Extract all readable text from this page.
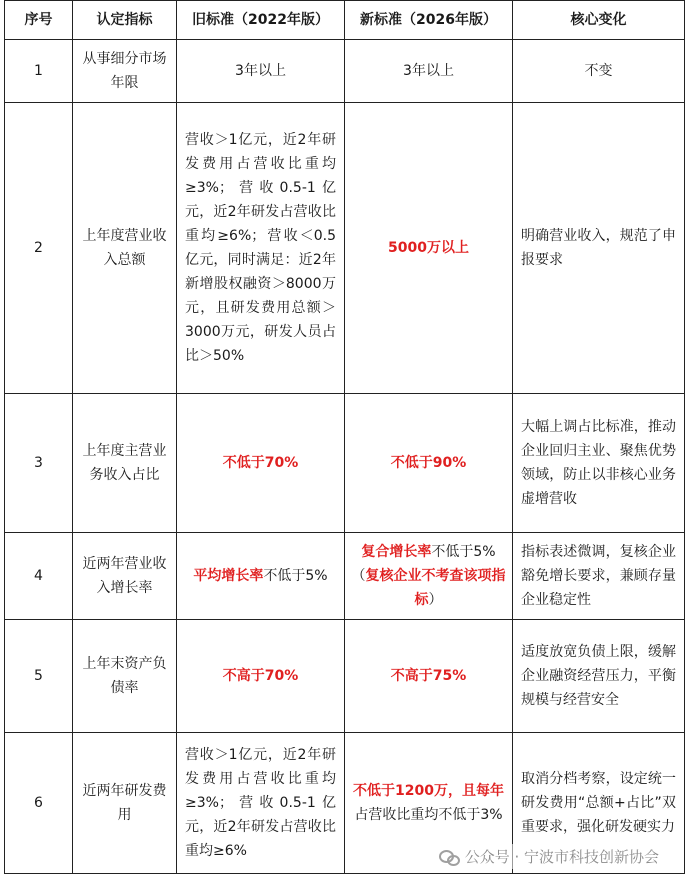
序号	认定指标	旧标准（2022年版）	新标准（2026年版）	核心变化
1	从事细分市场年限	3年以上	3年以上	不变
2	上年度营业收入总额	营收＞1亿元，近2年研发费用占营收比重均≥3%；营收0.5-1亿元，近2年研发占营收比重均≥6%；营收＜0.5亿元，同时满足：近2年新增股权融资＞8000万元，且研发费用总额＞3000万元，研发人员占比＞50%	5000万以上	明确营业收入，规范了申报要求
3	上年度主营业务收入占比	不低于70%	不低于90%	大幅上调占比标准，推动企业回归主业、聚焦优势领域，防止以非核心业务虚增营收
4	近两年营业收入增长率	平均增长率不低于5%	复合增长率不低于5%（复核企业不考查该项指标）	指标表述微调，复核企业豁免增长要求，兼顾存量企业稳定性
5	上年末资产负债率	不高于70%	不高于75%	适度放宽负债上限，缓解企业融资经营压力，平衡规模与经营安全
6	近两年研发费用	营收＞1亿元，近2年研发费用占营收比重均≥3%；营收0.5-1亿元，近2年研发占营收比重均≥6%	不低于1200万，且每年占营收比重均不低于3%	取消分档考察，设定统一研发费用“总额+占比”双重要求，强化研发硬实力
公众号 · 宁波市科技创新协会
